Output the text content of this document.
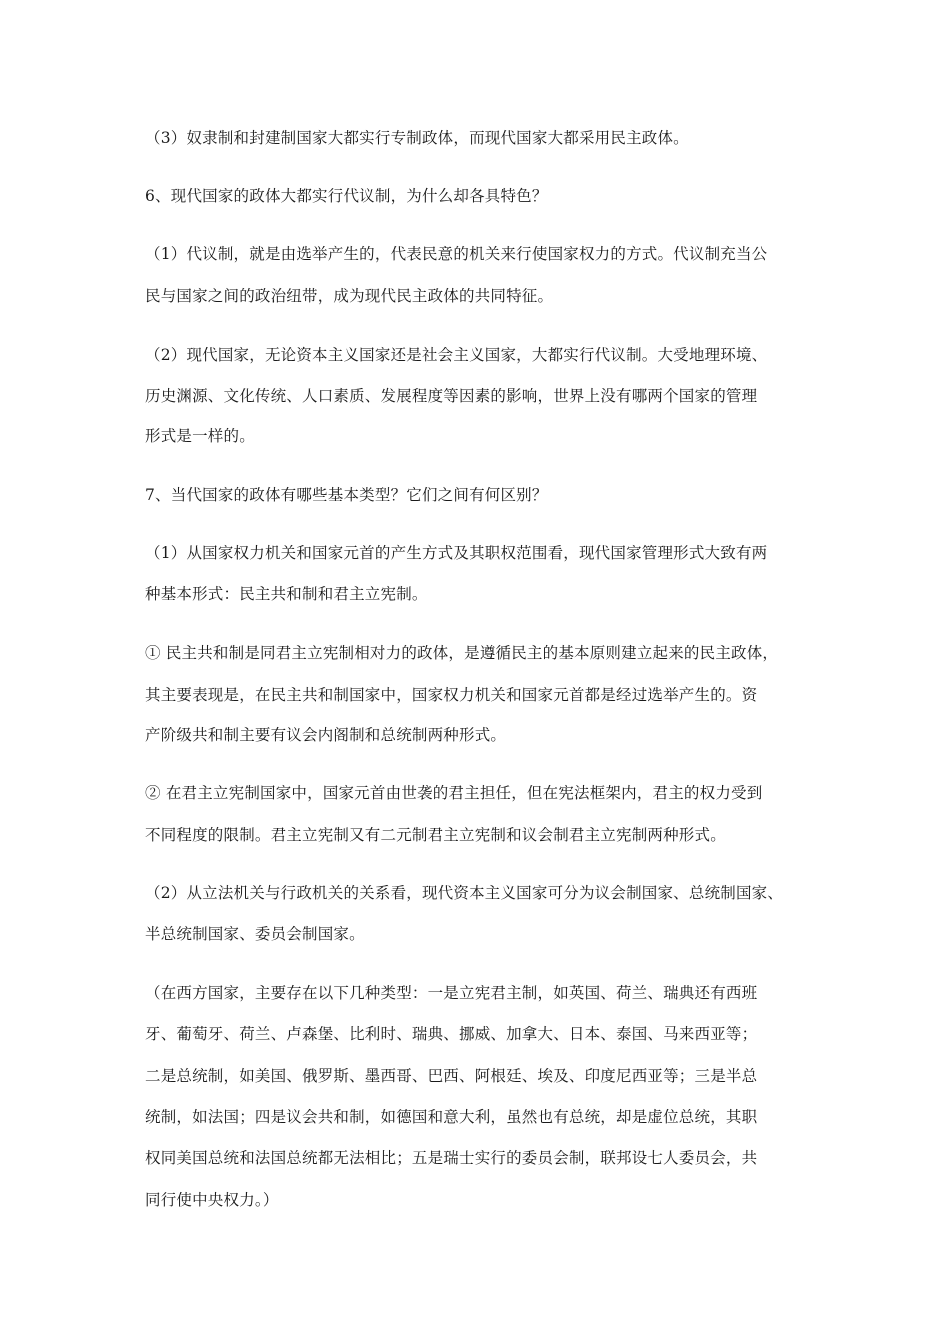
（3）奴隶制和封建制国家大都实行专制政体，而现代国家大都采用民主政体。
6、现代国家的政体大都实行代议制，为什么却各具特色？
（1）代议制，就是由选举产生的，代表民意的机关来行使国家权力的方式。代议制充当公
民与国家之间的政治纽带，成为现代民主政体的共同特征。
（2）现代国家，无论资本主义国家还是社会主义国家，大都实行代议制。大受地理环境、
历史渊源、文化传统、人口素质、发展程度等因素的影响，世界上没有哪两个国家的管理
形式是一样的。
7、当代国家的政体有哪些基本类型？它们之间有何区别？
（1）从国家权力机关和国家元首的产生方式及其职权范围看，现代国家管理形式大致有两
种基本形式：民主共和制和君主立宪制。
① 民主共和制是同君主立宪制相对力的政体，是遵循民主的基本原则建立起来的民主政体，
其主要表现是，在民主共和制国家中，国家权力机关和国家元首都是经过选举产生的。资
产阶级共和制主要有议会内阁制和总统制两种形式。
② 在君主立宪制国家中，国家元首由世袭的君主担任，但在宪法框架内，君主的权力受到
不同程度的限制。君主立宪制又有二元制君主立宪制和议会制君主立宪制两种形式。
（2）从立法机关与行政机关的关系看，现代资本主义国家可分为议会制国家、总统制国家、
半总统制国家、委员会制国家。
（在西方国家，主要存在以下几种类型：一是立宪君主制，如英国、荷兰、瑞典还有西班
牙、葡萄牙、荷兰、卢森堡、比利时、瑞典、挪威、加拿大、日本、泰国、马来西亚等；
二是总统制，如美国、俄罗斯、墨西哥、巴西、阿根廷、埃及、印度尼西亚等；三是半总
统制，如法国；四是议会共和制，如德国和意大利，虽然也有总统，却是虚位总统，其职
权同美国总统和法国总统都无法相比；五是瑞士实行的委员会制，联邦设七人委员会，共
同行使中央权力。）
